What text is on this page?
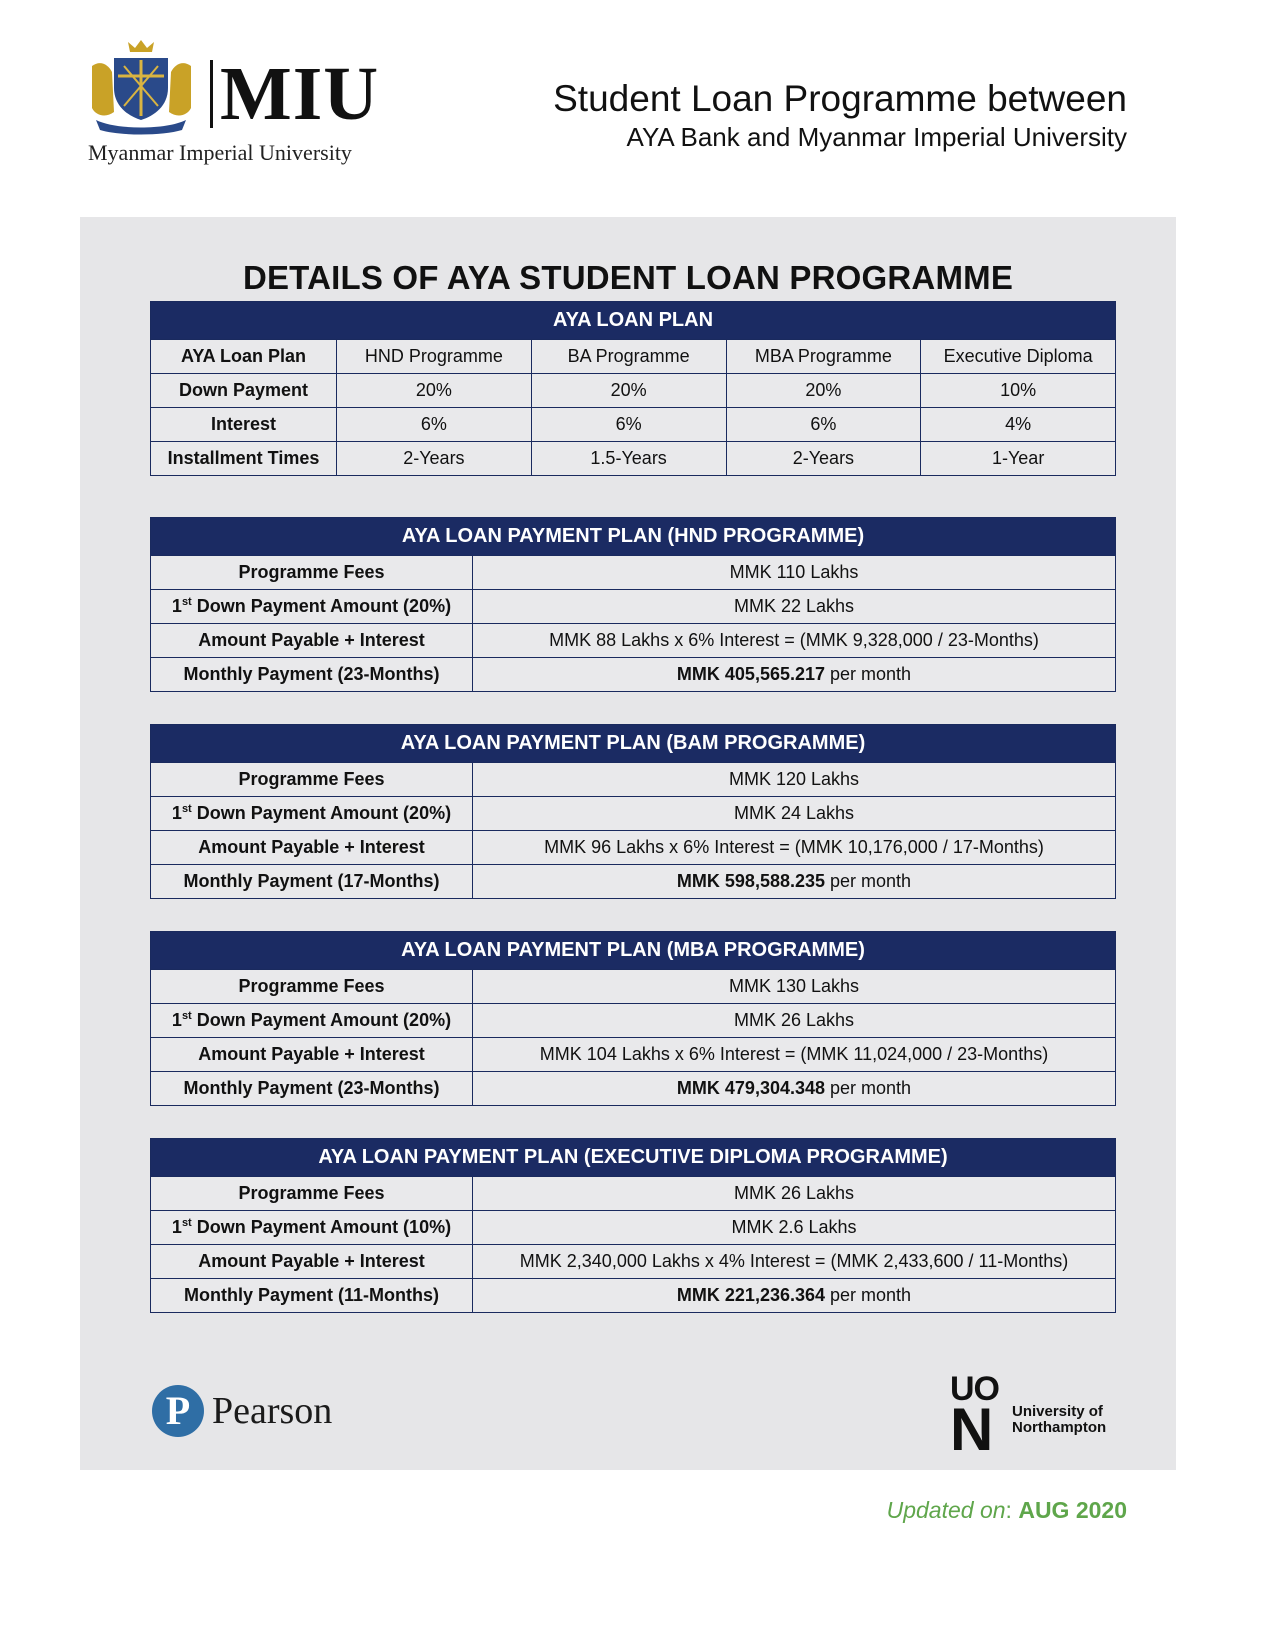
MIU
Myanmar Imperial University
Student Loan Programme between
AYA Bank and Myanmar Imperial University
DETAILS OF AYA STUDENT LOAN PROGRAMME
AYA LOAN PLAN				
AYA Loan Plan	HND Programme	BA Programme	MBA Programme	Executive Diploma
Down Payment	20%	20%	20%	10%
Interest	6%	6%	6%	4%
Installment Times	2-Years	1.5-Years	2-Years	1-Year
AYA LOAN PAYMENT PLAN (HND PROGRAMME)	
Programme Fees	MMK 110 Lakhs
1st Down Payment Amount (20%)	MMK 22 Lakhs
Amount Payable + Interest	MMK 88 Lakhs x 6% Interest = (MMK 9,328,000 / 23-Months)
Monthly Payment (23-Months)	MMK 405,565.217 per month
AYA LOAN PAYMENT PLAN (BAM PROGRAMME)	
Programme Fees	MMK 120 Lakhs
1st Down Payment Amount (20%)	MMK 24 Lakhs
Amount Payable + Interest	MMK 96 Lakhs x 6% Interest = (MMK 10,176,000 / 17-Months)
Monthly Payment (17-Months)	MMK 598,588.235 per month
AYA LOAN PAYMENT PLAN (MBA PROGRAMME)	
Programme Fees	MMK 130 Lakhs
1st Down Payment Amount (20%)	MMK 26 Lakhs
Amount Payable + Interest	MMK 104 Lakhs x 6% Interest = (MMK 11,024,000 / 23-Months)
Monthly Payment (23-Months)	MMK 479,304.348 per month
AYA LOAN PAYMENT PLAN (EXECUTIVE DIPLOMA PROGRAMME)	
Programme Fees	MMK 26 Lakhs
1st Down Payment Amount (10%)	MMK 2.6 Lakhs
Amount Payable + Interest	MMK 2,340,000 Lakhs x 4% Interest = (MMK 2,433,600 / 11-Months)
Monthly Payment (11-Months)	MMK 221,236.364 per month
P Pearson
UO
N University of
Northampton
Updated on: AUG 2020
